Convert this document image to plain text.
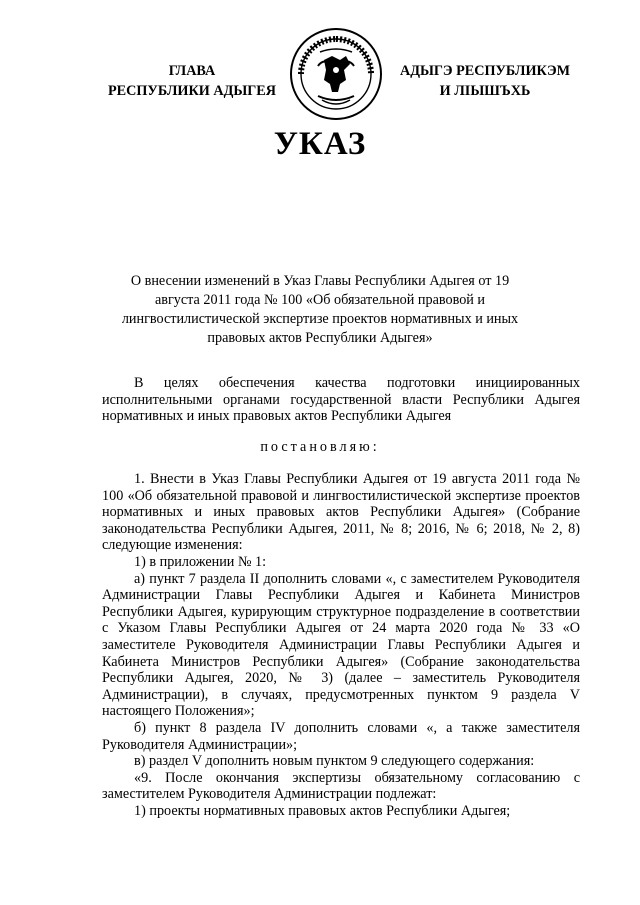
ГЛАВА
РЕСПУБЛИКИ АДЫГЕЯ
АДЫГЭ РЕСПУБЛИКЭМ
И ЛІЫШЪХЬ
УКАЗ
О внесении изменений в Указ Главы Республики Адыгея от 19 августа 2011 года № 100 «Об обязательной правовой и лингвостилистической экспертизе проектов нормативных и иных правовых актов Республики Адыгея»

В целях обеспечения качества подготовки инициированных исполнительными органами государственной власти Республики Адыгея нормативных и иных правовых актов Республики Адыгея

постановляю:

1. Внести в Указ Главы Республики Адыгея от 19 августа 2011 года № 100 «Об обязательной правовой и лингвостилистической экспертизе проектов нормативных и иных правовых актов Республики Адыгея» (Собрание законодательства Республики Адыгея, 2011, № 8; 2016, № 6; 2018, № 2, 8) следующие изменения:

1) в приложении № 1:

а) пункт 7 раздела II дополнить словами «, с заместителем Руководителя Администрации Главы Республики Адыгея и Кабинета Министров Республики Адыгея, курирующим структурное подразделение в соответствии с Указом Главы Республики Адыгея от 24 марта 2020 года № 33 «О заместителе Руководителя Администрации Главы Республики Адыгея и Кабинета Министров Республики Адыгея» (Собрание законодательства Республики Адыгея, 2020, № 3) (далее – заместитель Руководителя Администрации), в случаях, предусмотренных пунктом 9 раздела V настоящего Положения»;

б) пункт 8 раздела IV дополнить словами «, а также заместителя Руководителя Администрации»;

в) раздел V дополнить новым пунктом 9 следующего содержания:

«9. После окончания экспертизы обязательному согласованию с заместителем Руководителя Администрации подлежат:

1) проекты нормативных правовых актов Республики Адыгея;
